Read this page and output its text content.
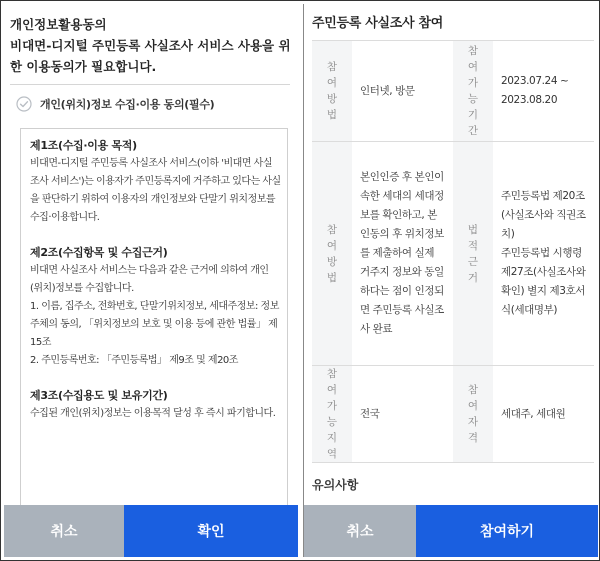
개인정보활용동의
비대면-디지털 주민등록 사실조사 서비스 사용을 위한 이용동의가 필요합니다.
개인(위치)정보 수집·이용 동의(필수)
제1조(수집·이용 목적)
비대면-디지털 주민등록 사실조사 서비스(이하 '비대면 사실조사 서비스')는 이용자가 주민등록지에 거주하고 있다는 사실을 판단하기 위하여 이용자의 개인정보와 단말기 위치정보를 수집·이용합니다.
제2조(수집항목 및 수집근거)
비대면 사실조사 서비스는 다음과 같은 근거에 의하여 개인(위치)정보를 수집합니다.
1. 이름, 집주소, 전화번호, 단말기위치정보, 세대주정보: 정보주체의 동의, 「위치정보의 보호 및 이용 등에 관한 법률」 제15조
2. 주민등록번호: 「주민등록법」 제9조 및 제20조
제3조(수집용도 및 보유기간)
수집된 개인(위치)정보는 이용목적 달성 후 즉시 파기합니다.
취소	확인
주민등록 사실조사 참여
참여방법	인터넷, 방문	참여가능기간	2023.07.24 ~ 2023.08.20
참여방법	본인인증 후 본인이 속한 세대의 세대정보를 확인하고, 본인동의 후 위치정보를 제출하여 실제 거주지 정보와 동일하다는 점이 인정되면 주민등록 사실조사 완료	법적근거	주민등록법 제20조(사실조사와 직권조치)
주민등록법 시행령 제27조(사실조사와 확인) 별지 제3호서식(세대명부)
참여가능지역	전국	참여자격	세대주, 세대원
유의사항
취소	참여하기
